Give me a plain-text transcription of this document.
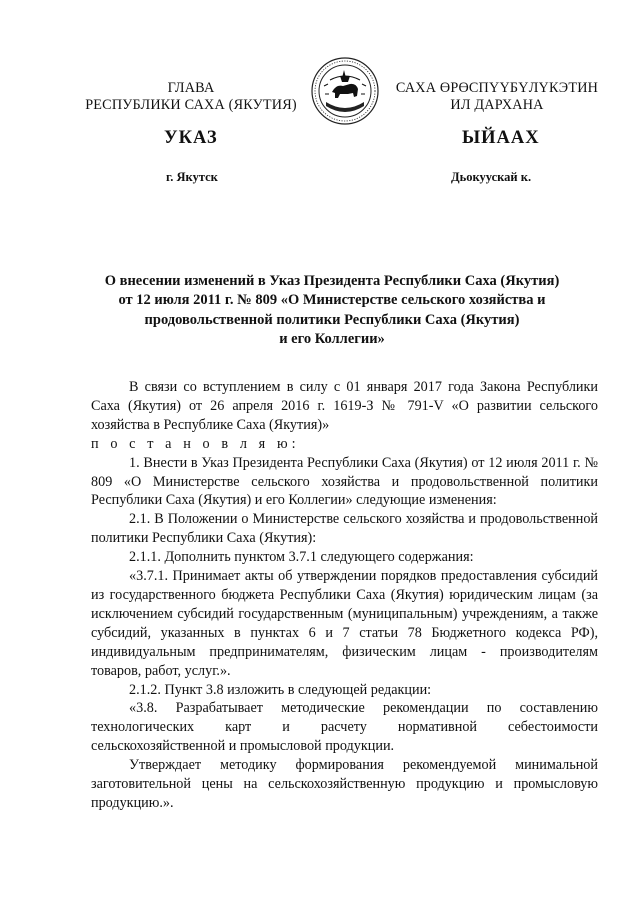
ГЛАВА
РЕСПУБЛИКИ САХА (ЯКУТИЯ)
САХА ӨРӨСПҮҮБҮЛҮКЭТИН
ИЛ ДАРХАНА
УКАЗ	ЫЙААХ
г. Якутск	Дьокуускай к.
О внесении изменений в Указ Президента Республики Саха (Якутия)
от 12 июля 2011 г. № 809 «О Министерстве сельского хозяйства и
продовольственной политики Республики Саха (Якутия)
и его Коллегии»

В связи со вступлением в силу с 01 января 2017 года Закона Республики Саха (Якутия) от 26 апреля 2016 г. 1619-З № 791-V «О развитии сельского хозяйства в Республике Саха (Якутия)»

п о с т а н о в л я ю:

1. Внести в Указ Президента Республики Саха (Якутия) от 12 июля 2011 г. № 809 «О Министерстве сельского хозяйства и продовольственной политики Республики Саха (Якутия) и его Коллегии» следующие изменения:

2.1. В Положении о Министерстве сельского хозяйства и продовольственной политики Республики Саха (Якутия):

2.1.1. Дополнить пунктом 3.7.1 следующего содержания:

«3.7.1. Принимает акты об утверждении порядков предоставления субсидий из государственного бюджета Республики Саха (Якутия) юридическим лицам (за исключением субсидий государственным (муниципальным) учреждениям, а также субсидий, указанных в пунктах 6 и 7 статьи 78 Бюджетного кодекса РФ), индивидуальным предпринимателям, физическим лицам - производителям товаров, работ, услуг.».

2.1.2. Пункт 3.8 изложить в следующей редакции:

«3.8. Разрабатывает методические рекомендации по составлению технологических карт и расчету нормативной себестоимости сельскохозяйственной и промысловой продукции.

Утверждает методику формирования рекомендуемой минимальной заготовительной цены на сельскохозяйственную продукцию и промысловую продукцию.».
